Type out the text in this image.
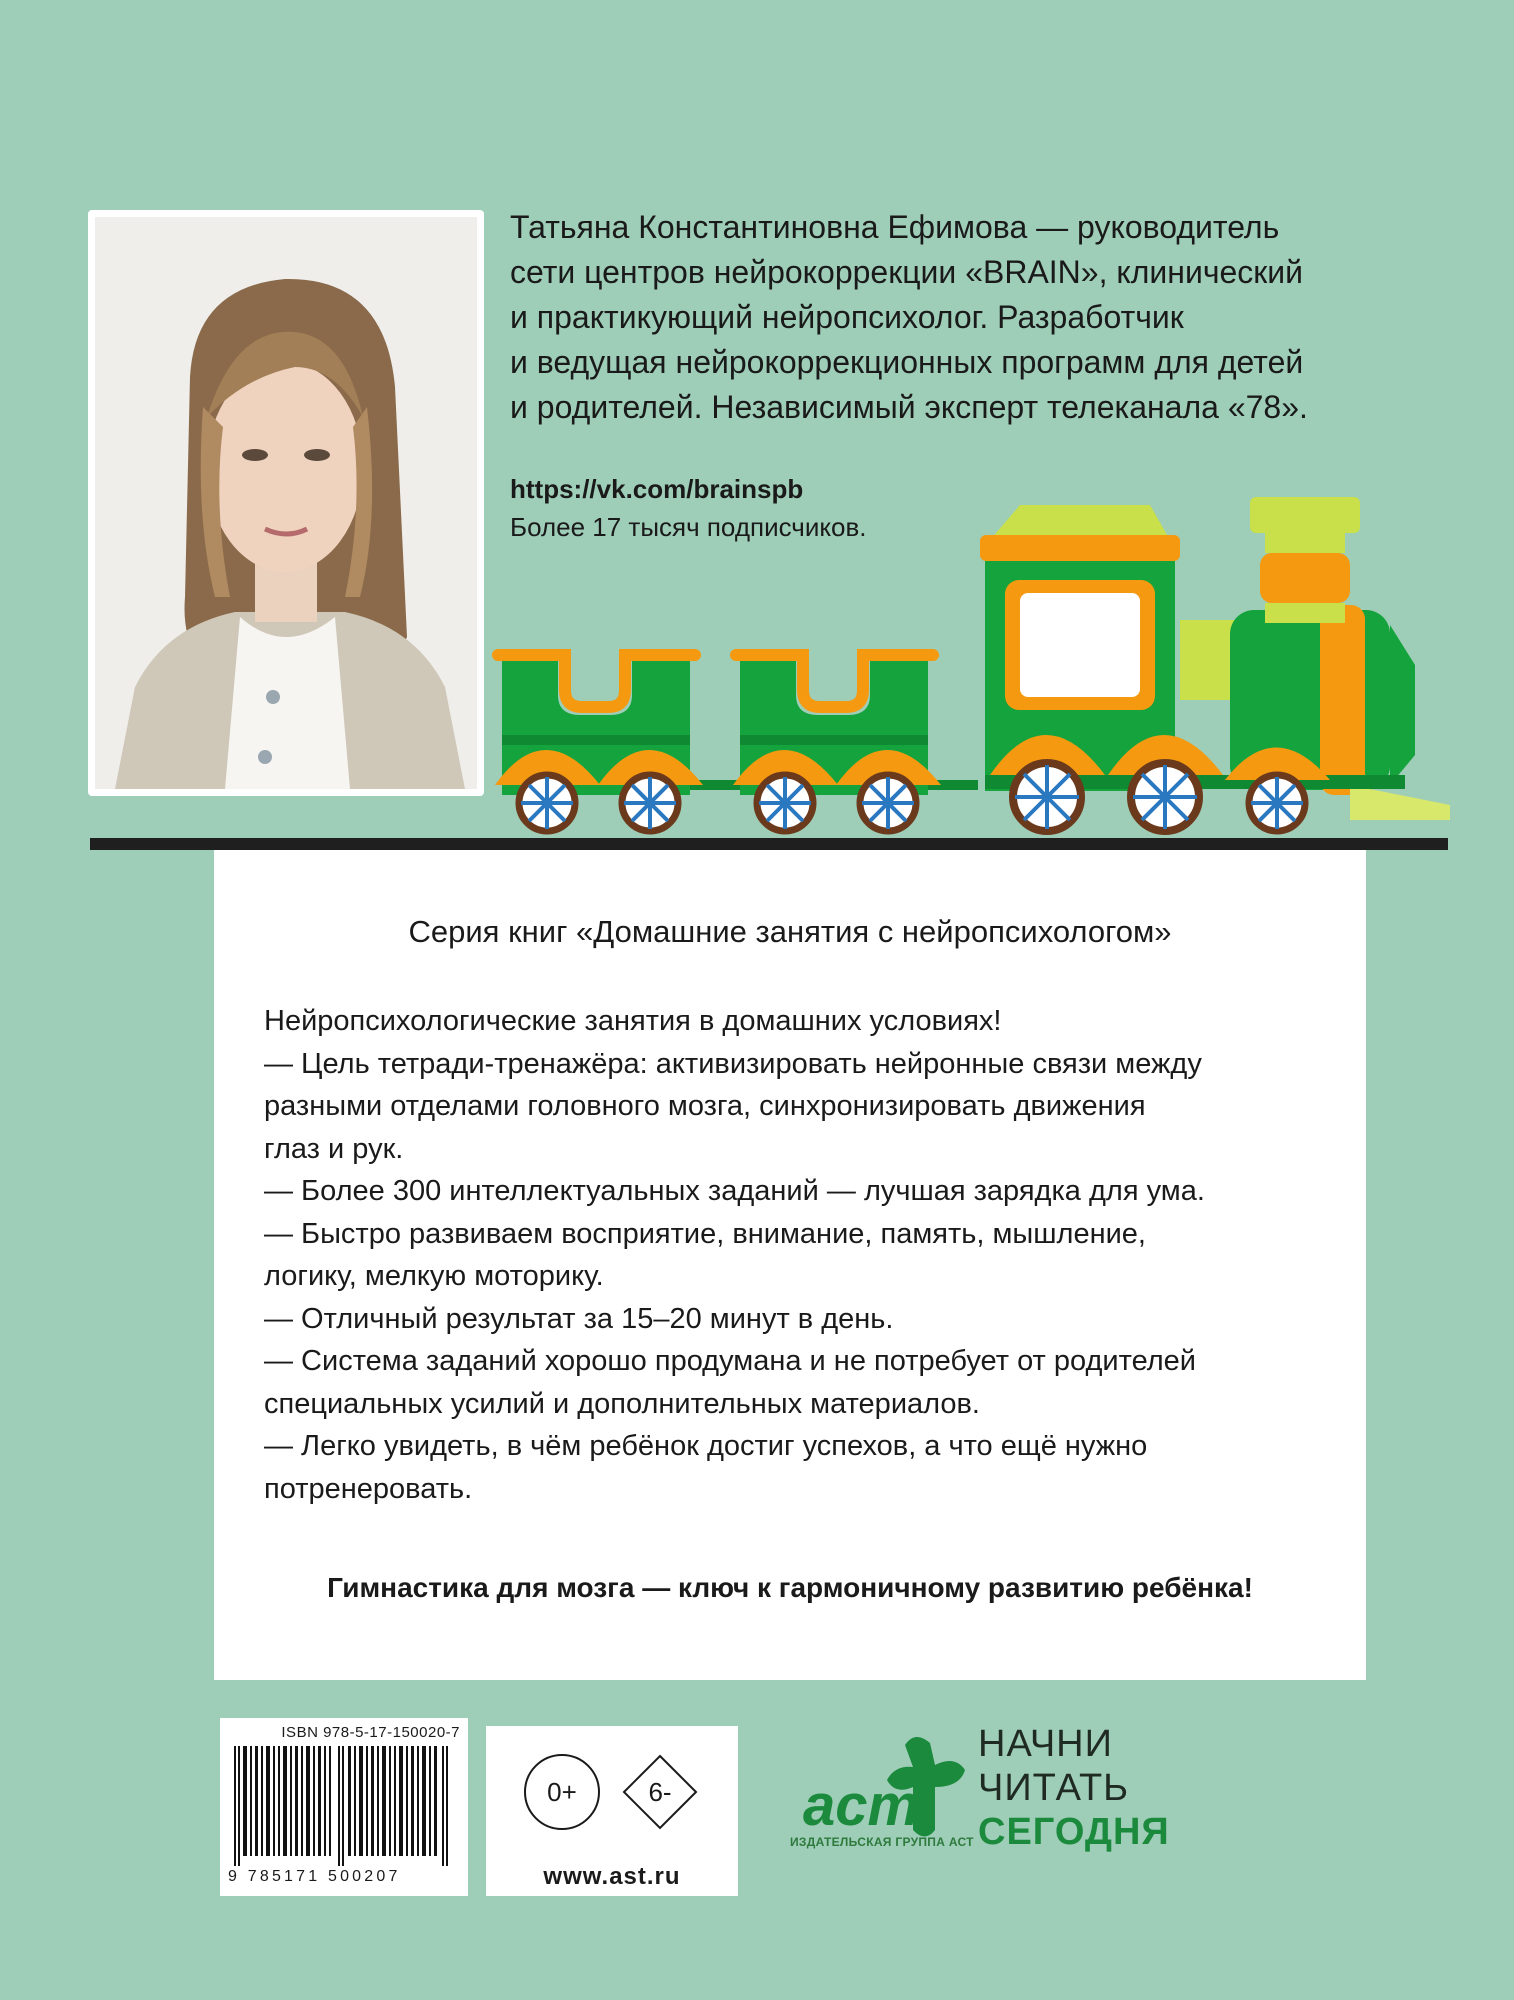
Татьяна Константиновна Ефимова — руководитель

сети центров нейрокоррекции «BRAIN», клинический

и практикующий нейропсихолог. Разработчик

и ведущая нейрокоррекционных программ для детей

и родителей. Независимый эксперт телеканала «78».

https://vk.com/brainspb
Более 17 тысяч подписчиков.
Серия книг «Домашние занятия с нейропсихологом»
Нейропсихологические занятия в домашних условиях!
— Цель тетради-тренажёра: активизировать нейронные связи между
разными отделами головного мозга, синхронизировать движения
глаз и рук.
— Более 300 интеллектуальных заданий — лучшая зарядка для ума.
— Быстро развиваем восприятие, внимание, память, мышление,
логику, мелкую моторику.
— Отличный результат за 15–20 минут в день.
— Система заданий хорошо продумана и не потребует от родителей
специальных усилий и дополнительных материалов.
— Легко увидеть, в чём ребёнок достиг успехов, а что ещё нужно
потренеровать.
Гимнастика для мозга — ключ к гармоничному развитию ребёнка!
ISBN 978-5-17-150020-7
9 785171 500207
0+	6-
www.ast.ru
аст
ИЗДАТЕЛЬСКАЯ ГРУППА АСТ
НАЧНИ
ЧИТАТЬ
СЕГОДНЯ
